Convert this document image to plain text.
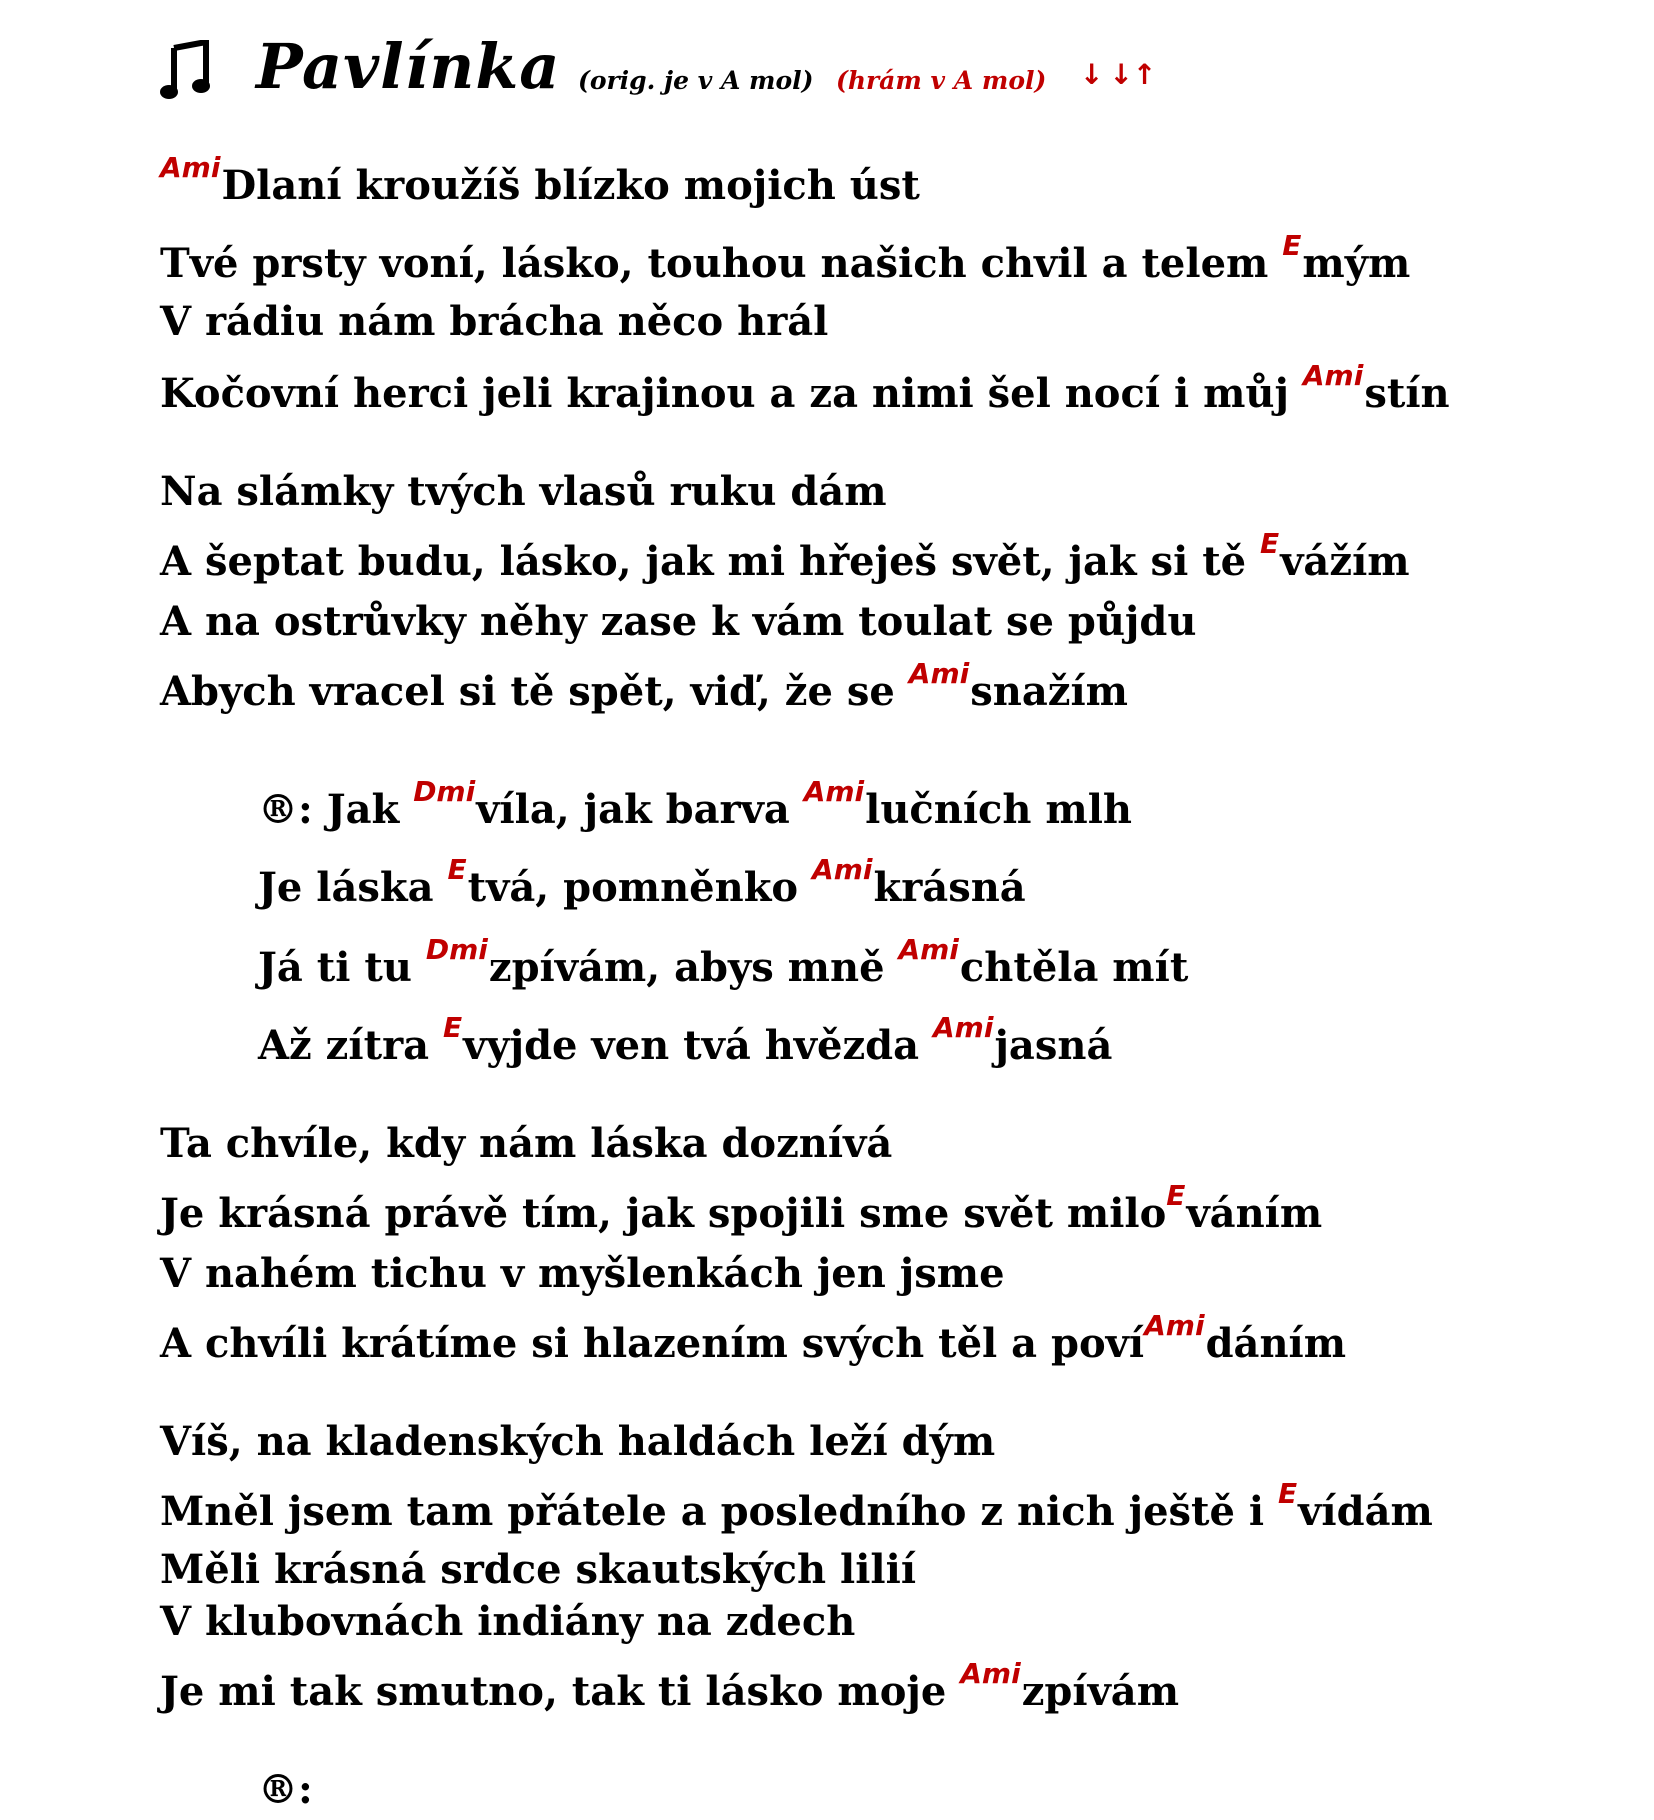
Pavlínka (orig. je v A mol) (hrám v A mol) ↓ ↓↑
$^{Ami}$Dlaní kroužíš blízko mojich úst
Tvé prsty voní, lásko, touhou našich chvil a telem $^E$mým
V rádiu nám brácha něco hrál
Kočovní herci jeli krajinou a za nimi šel nocí i můj $^{Ami}$stín
Na slámky tvých vlasů ruku dám
A šeptat budu, lásko, jak mi hřeješ svět, jak si tě $^E$vážím
A na ostrůvky něhy zase k vám toulat se půjdu
Abych vracel si tě spět, viď, že se $^{Ami}$snažím
®: Jak $^{Dmi}$víla, jak barva $^{Ami}$lučních mlh
Je láska $^E$tvá, pomněnko $^{Ami}$krásná
Já ti tu $^{Dmi}$zpívám, abys mně $^{Ami}$chtěla mít
Až zítra $^E$vyjde ven tvá hvězda $^{Ami}$jasná
Ta chvíle, kdy nám láska doznívá
Je krásná právě tím, jak spojili sme svět milo$^E$váním
V nahém tichu v myšlenkách jen jsme
A chvíli krátíme si hlazením svých těl a poví$^{Ami}$dáním
Víš, na kladenských haldách leží dým
Mněl jsem tam přátele a posledního z nich ještě i $^E$vídám
Měli krásná srdce skautských lilií
V klubovnách indiány na zdech
Je mi tak smutno, tak ti lásko moje $^{Ami}$zpívám
®:
